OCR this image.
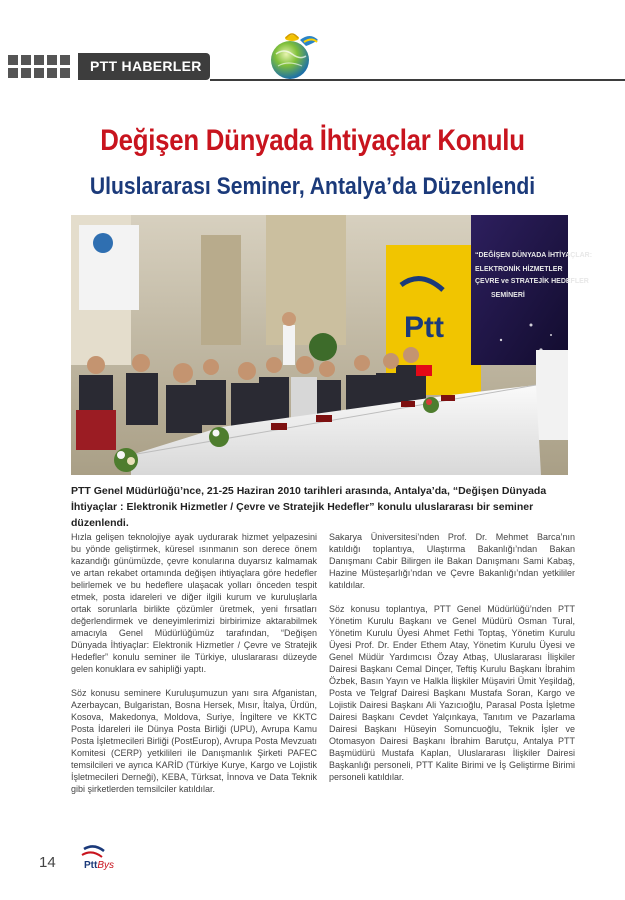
PTT HABERLER
Değişen Dünyada İhtiyaçlar Konulu
Uluslararası Seminer, Antalya’da Düzenlendi
Ptt
“DEĞİŞEN DÜNYADA İHTİYAÇLAR:
ELEKTRONİK HİZMETLER
ÇEVRE ve STRATEJİK HEDEFLER
SEMİNERİ
PTT Genel Müdürlüğü’nce, 21-25 Haziran 2010 tarihleri arasında, Antalya’da, “Değişen Dünyada İhtiyaçlar : Elektronik Hizmetler / Çevre ve Stratejik Hedefler” konulu uluslararası bir seminer düzenlendi.

Hızla gelişen teknolojiye ayak uydurarak hizmet yelpazesini bu yönde geliştirmek, küresel ısınmanın son derece önem kazandığı günümüzde, çevre konularına duyarsız kalmamak ve artan rekabet ortamında değişen ihtiyaçlara göre hedefler belirlemek ve bu hedeflere ulaşacak yolları önceden tespit etmek, posta idareleri ve diğer ilgili kurum ve kuruluşlarla ortak sorunlarla birlikte çözümler üretmek, yeni fırsatları değerlendirmek ve deneyimlerimizi birbirimize aktarabilmek amacıyla Genel Müdürlüğümüz tarafından, “Değişen Dünyada İhtiyaçlar: Elektronik Hizmetler / Çevre ve Stratejik Hedefler” konulu seminer ile Türkiye, uluslararası düzeyde gelen konuklara ev sahipliği yaptı.

Söz konusu seminere Kuruluşumuzun yanı sıra Afganistan, Azerbaycan, Bulgaristan, Bosna Hersek, Mısır, İtalya, Ürdün, Kosova, Makedonya, Moldova, Suriye, İngiltere ve KKTC Posta İdareleri ile Dünya Posta Birliği (UPU), Avrupa Kamu Posta İşletmecileri Birliği (PostEurop), Avrupa Posta Mevzuatı Komitesi (CERP) yetkilileri ile Danışmanlık Şirketi PAFEC temsilcileri ve ayrıca KARİD (Türkiye Kurye, Kargo ve Lojistik İşletmecileri Derneği), KEBA, Türksat, İnnova ve Data Teknik gibi şirketlerden temsilciler katıldılar.

Sakarya Üniversitesi’nden Prof. Dr. Mehmet Barca’nın katıldığı toplantıya, Ulaştırma Bakanlığı’ndan Bakan Danışmanı Cabir Bilirgen ile Bakan Danışmanı Sami Kabaş, Hazine Müsteşarlığı’ndan ve Çevre Bakanlığı’ndan yetkililer katıldılar.

Söz konusu toplantıya, PTT Genel Müdürlüğü’nden PTT Yönetim Kurulu Başkanı ve Genel Müdürü Osman Tural, Yönetim Kurulu Üyesi Ahmet Fethi Toptaş, Yönetim Kurulu Üyesi Prof. Dr. Ender Ethem Atay, Yönetim Kurulu Üyesi ve Genel Müdür Yardımcısı Özay Atbaş, Uluslararası İlişkiler Dairesi Başkanı Cemal Dinçer, Teftiş Kurulu Başkanı İbrahim Özbek, Basın Yayın ve Halkla İlişkiler Müşaviri Ümit Yeşildağ, Posta ve Telgraf Dairesi Başkanı Mustafa Soran, Kargo ve Lojistik Dairesi Başkanı Ali Yazıcıoğlu, Parasal Posta İşletme Dairesi Başkanı Cevdet Yalçınkaya, Tanıtım ve Pazarlama Dairesi Başkanı Hüseyin Somuncuoğlu, Teknik İşler ve Otomasyon Dairesi Başkanı İbrahim Barutçu, Antalya PTT Başmüdürü Mustafa Kaplan, Uluslararası İlişkiler Dairesi Başkanlığı personeli, PTT Kalite Birimi ve İş Geliştirme Birimi personeli katıldılar.

14	PttBys
